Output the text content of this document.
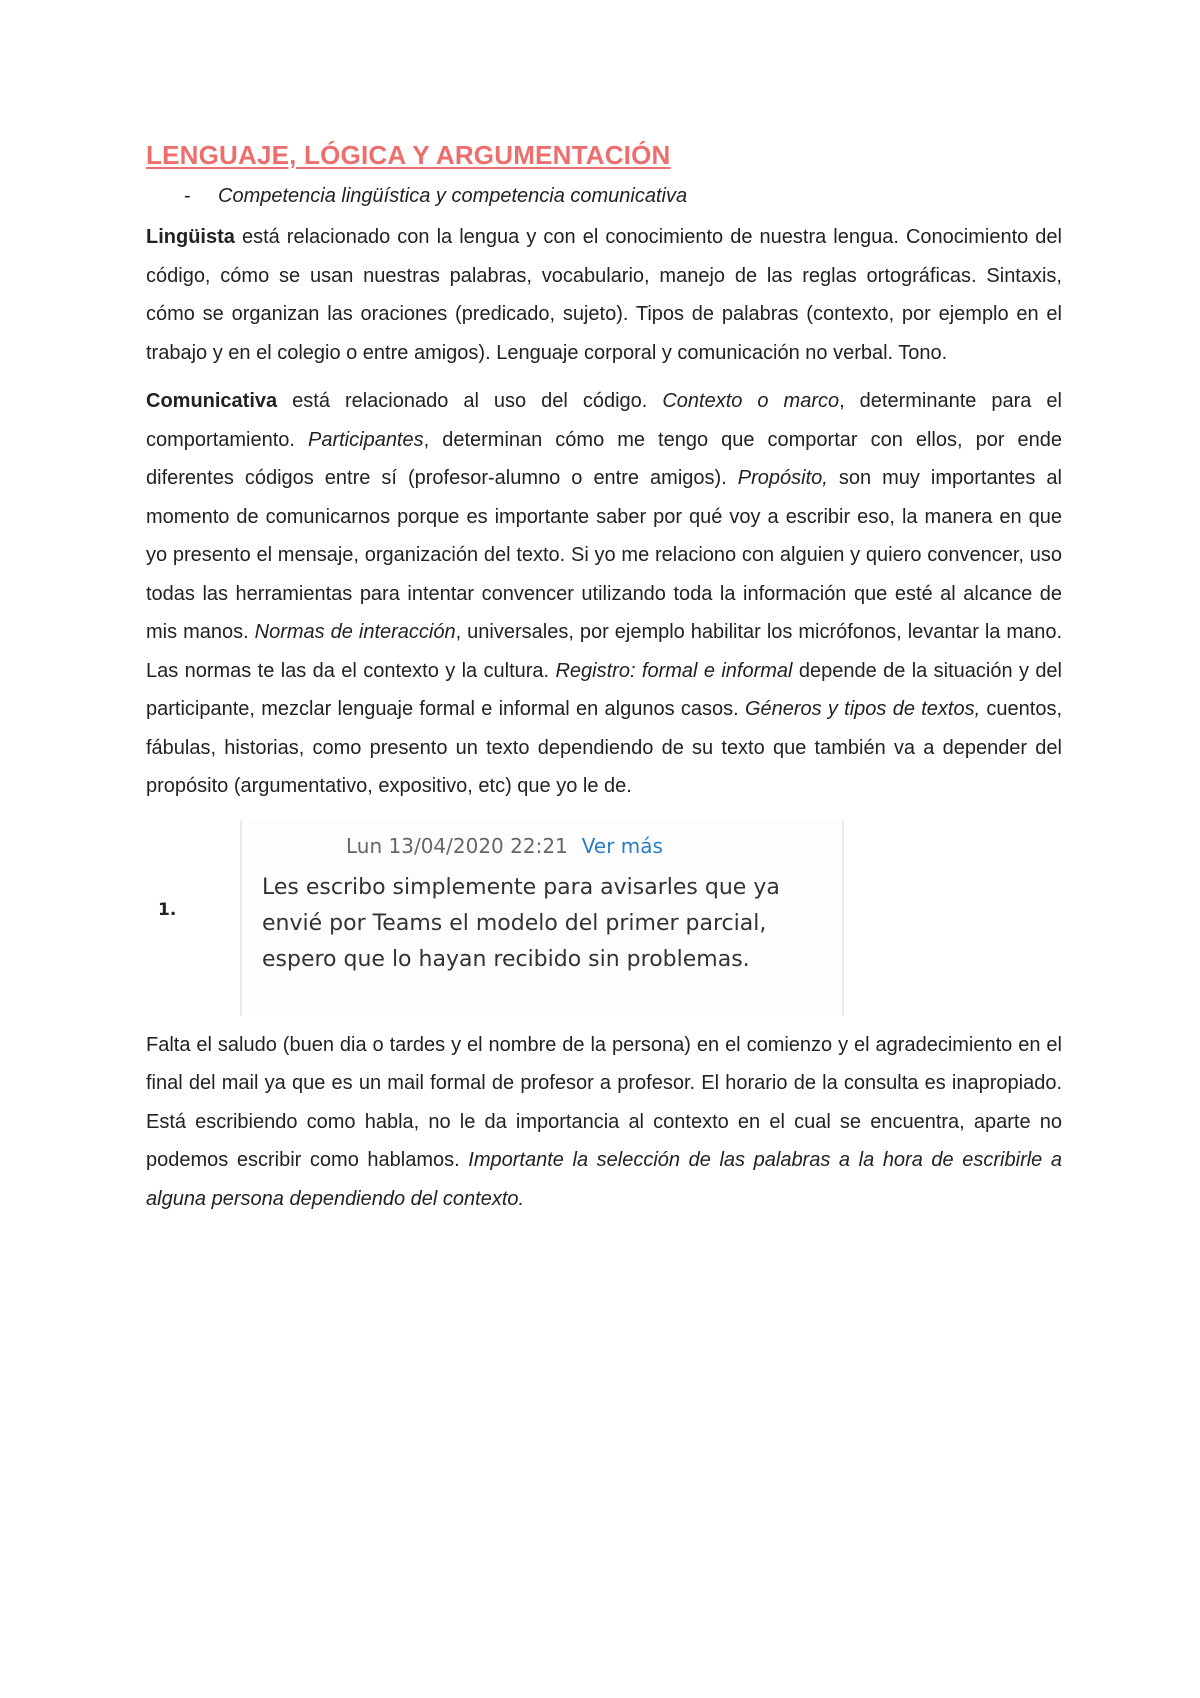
LENGUAJE, LÓGICA Y ARGUMENTACIÓN
-	Competencia lingüística y competencia comunicativa

Lingüista está relacionado con la lengua y con el conocimiento de nuestra lengua. Conocimiento del código, cómo se usan nuestras palabras, vocabulario, manejo de las reglas ortográficas. Sintaxis, cómo se organizan las oraciones (predicado, sujeto). Tipos de palabras (contexto, por ejemplo en el trabajo y en el colegio o entre amigos). Lenguaje corporal y comunicación no verbal. Tono.

Comunicativa está relacionado al uso del código. Contexto o marco, determinante para el comportamiento. Participantes, determinan cómo me tengo que comportar con ellos, por ende diferentes códigos entre sí (profesor-alumno o entre amigos). Propósito, son muy importantes al momento de comunicarnos porque es importante saber por qué voy a escribir eso, la manera en que yo presento el mensaje, organización del texto. Si yo me relaciono con alguien y quiero convencer, uso todas las herramientas para intentar convencer utilizando toda la información que esté al alcance de mis manos. Normas de interacción, universales, por ejemplo habilitar los micrófonos, levantar la mano. Las normas te las da el contexto y la cultura. Registro: formal e informal depende de la situación y del participante, mezclar lenguaje formal e informal en algunos casos. Géneros y tipos de textos, cuentos, fábulas, historias, como presento un texto dependiendo de su texto que también va a depender del propósito (argumentativo, expositivo, etc) que yo le de.

1.
Lun 13/04/2020 22:21 Ver más
Les escribo simplemente para avisarles que ya envié por Teams el modelo del primer parcial, espero que lo hayan recibido sin problemas.

Falta el saludo (buen dia o tardes y el nombre de la persona) en el comienzo y el agradecimiento en el final del mail ya que es un mail formal de profesor a profesor. El horario de la consulta es inapropiado. Está escribiendo como habla, no le da importancia al contexto en el cual se encuentra, aparte no podemos escribir como hablamos. Importante la selección de las palabras a la hora de escribirle a alguna persona dependiendo del contexto.
